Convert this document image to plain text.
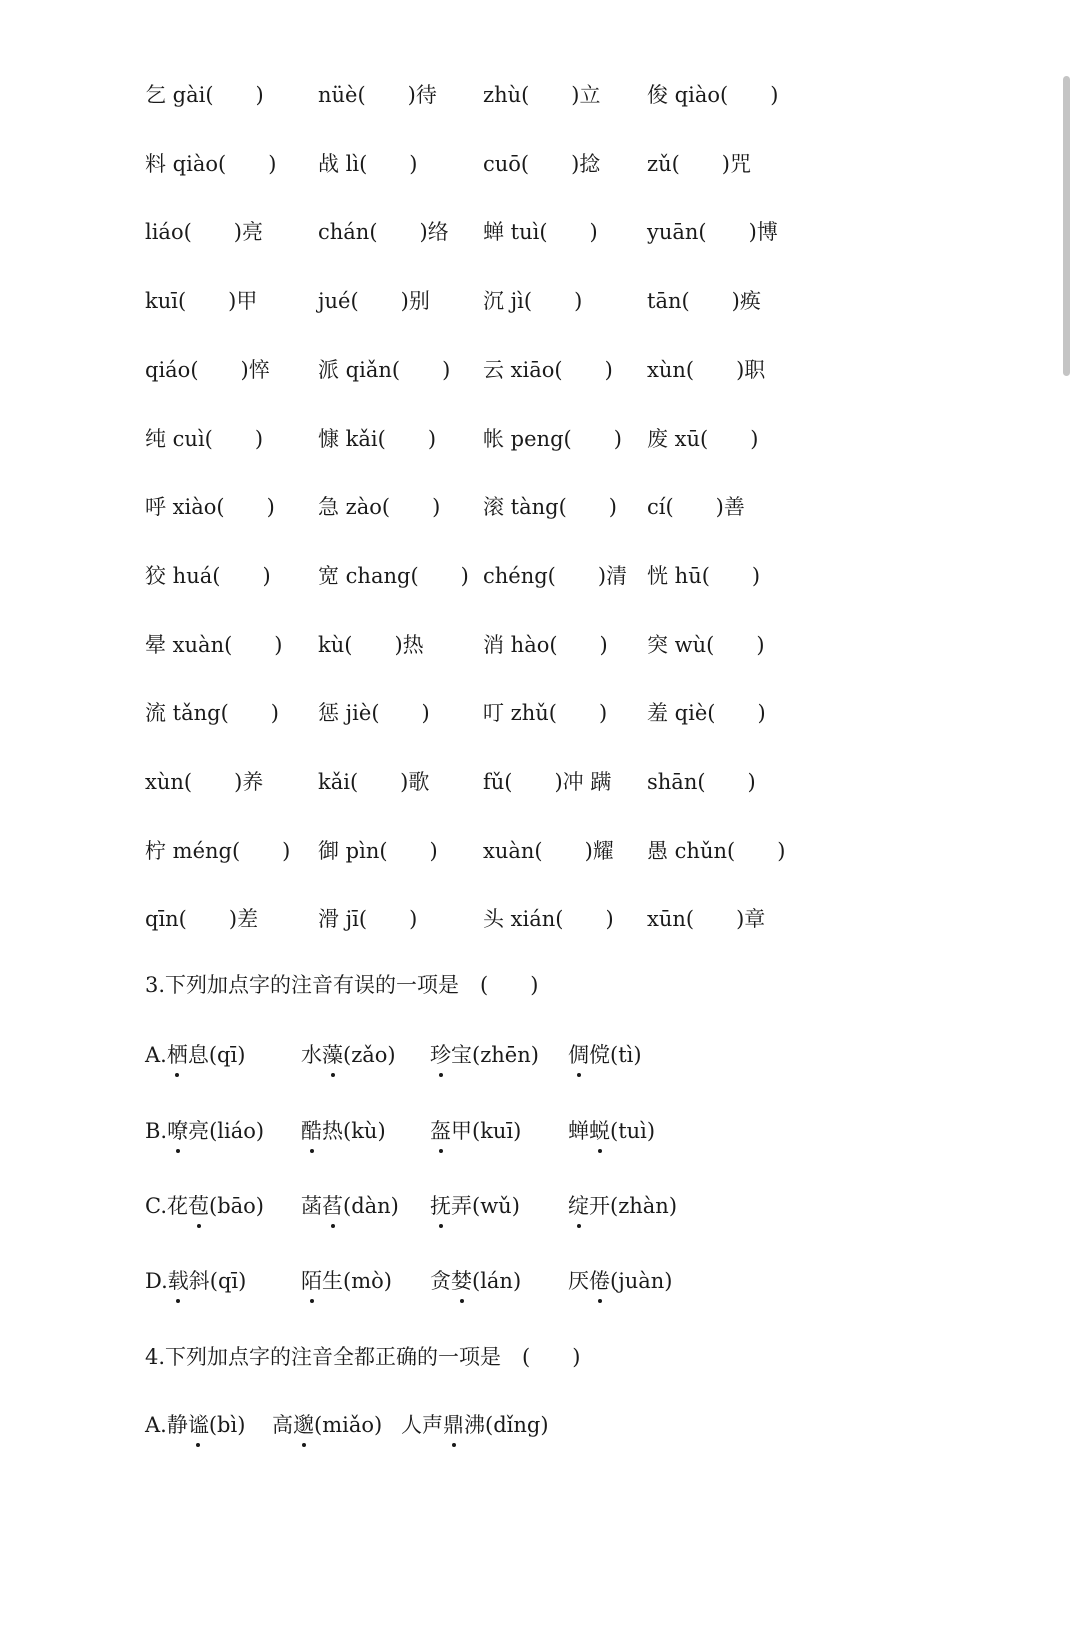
乞 gài(　　)	nüè(　　)待 zhù(　　)立 俊 qiào(　　)
料 qiào(　　) 战 lì(　　)	cuō(　　)捻 zǔ(　　)咒
liáo(　　)亮	chán(　　)络 蝉 tuì(　　) yuān(　　)博
kuī(　　)甲	jué(　　)别	沉 jì(　　)	tān(　　)痪
qiáo(　　)悴 派 qiǎn(　　) 云 xiāo(　　) xùn(　　)职
纯 cuì(　　)	慷 kǎi(　　) 帐 peng(　　) 废 xū(　　)
呼 xiào(　　) 急 zào(　　) 滚 tàng(　　) cí(　　)善
狡 huá(　　) 宽 chang(　　) chéng(　　)清 恍 hū(　　)
晕 xuàn(　　) kù(　　)热	消 hào(　　) 突 wù(　　)
流 tǎng(　　) 惩 jiè(　　)	叮 zhǔ(　　) 羞 qiè(　　)
xùn(　　)养	kǎi(　　)歌	fǔ(　　)冲 蹒 shān(　　)
柠 méng(　　) 御 pìn(　　) xuàn(　　)耀 愚 chǔn(　　)
qīn(　　)差	滑 jī(　　)	头 xián(　　) xūn(　　)章
3.下列加点字的注音有误的一项是　(　　)
A.栖息(qī)	水藻(zǎo) 珍宝(zhēn) 倜傥(tì)
B.嘹亮(liáo) 酷热(kù) 盔甲(kuī) 蝉蜕(tuì)
C.花苞(bāo) 菡萏(dàn) 抚弄(wǔ) 绽开(zhàn)
D.载斜(qī)	陌生(mò) 贪婪(lán) 厌倦(juàn)
4.下列加点字的注音全都正确的一项是　(　　)
A.静谧(bì) 高邈(miǎo) 人声鼎沸(dǐng)
